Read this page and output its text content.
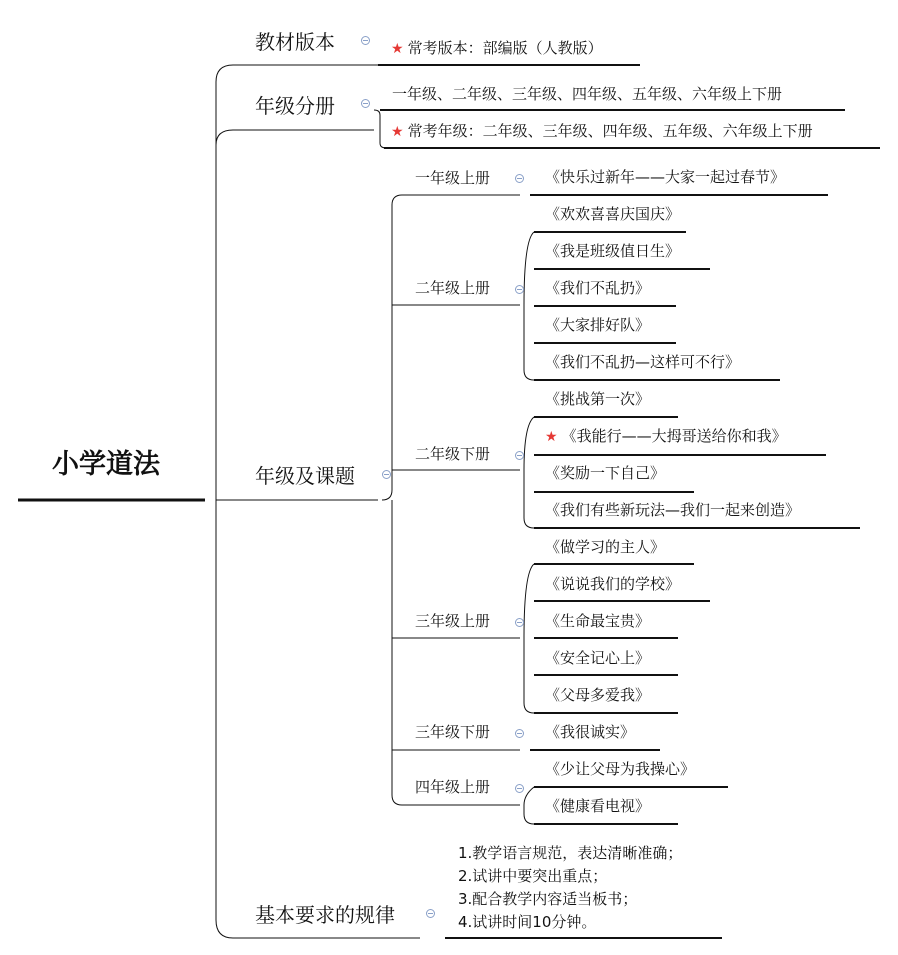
小学道法
教材版本
年级分册
年级及课题
基本要求的规律
★ 常考版本：部编版（人教版）
一年级、二年级、三年级、四年级、五年级、六年级上下册
★ 常考年级：二年级、三年级、四年级、五年级、六年级上下册
一年级上册
二年级上册
二年级下册
三年级上册
三年级下册
四年级上册
《快乐过新年——大家一起过春节》
《欢欢喜喜庆国庆》
《我是班级值日生》
《我们不乱扔》
《大家排好队》
《我们不乱扔—这样可不行》
《挑战第一次》
★ 《我能行——大拇哥送给你和我》
《奖励一下自己》
《我们有些新玩法—我们一起来创造》
《做学习的主人》
《说说我们的学校》
《生命最宝贵》
《安全记心上》
《父母多爱我》
《我很诚实》
《少让父母为我操心》
《健康看电视》
1.教学语言规范，表达清晰准确；
2.试讲中要突出重点；
3.配合教学内容适当板书；
4.试讲时间10分钟。
